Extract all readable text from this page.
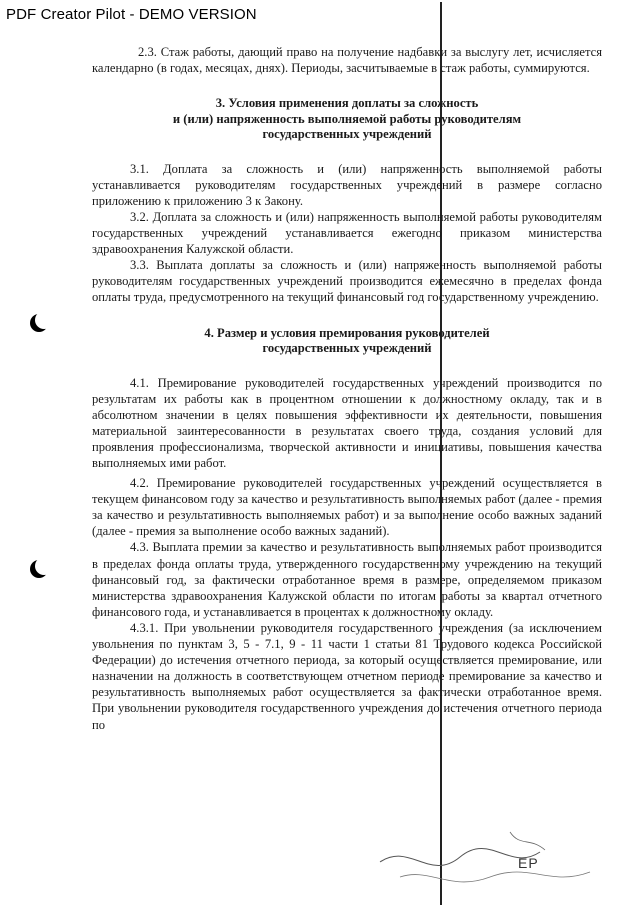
PDF Creator Pilot - DEMO VERSION

2.3. Стаж работы, дающий право на получение надбавки за выслугу лет, исчисляется календарно (в годах, месяцах, днях). Периоды, засчитываемые в стаж работы, суммируются.

3. Условия применения доплаты за сложность
и (или) напряженность выполняемой работы руководителям
государственных учреждений

3.1. Доплата за сложность и (или) напряженность выполняемой работы устанавливается руководителям государственных учреждений в размере согласно приложению к приложению 3 к Закону.

3.2. Доплата за сложность и (или) напряженность выполняемой работы руководителям государственных учреждений устанавливается ежегодно приказом министерства здравоохранения Калужской области.

3.3. Выплата доплаты за сложность и (или) напряженность выполняемой работы руководителям государственных учреждений производится ежемесячно в пределах фонда оплаты труда, предусмотренного на текущий финансовый год государственному учреждению.

4. Размер и условия премирования руководителей
государственных учреждений

4.1. Премирование руководителей государственных учреждений производится по результатам их работы как в процентном отношении к должностному окладу, так и в абсолютном значении в целях повышения эффективности их деятельности, повышения материальной заинтересованности в результатах своего труда, создания условий для проявления профессионализма, творческой активности и инициативы, повышения качества выполняемых ими работ.

4.2. Премирование руководителей государственных учреждений осуществляется в текущем финансовом году за качество и результативность выполняемых работ (далее - премия за качество и результативность выполняемых работ) и за выполнение особо важных заданий (далее - премия за выполнение особо важных заданий).

4.3. Выплата премии за качество и результативность выполняемых работ производится в пределах фонда оплаты труда, утвержденного государственному учреждению на текущий финансовый год, за фактически отработанное время в размере, определяемом приказом министерства здравоохранения Калужской области по итогам работы за квартал отчетного финансового года, и устанавливается в процентах к должностному окладу.

4.3.1. При увольнении руководителя государственного учреждения (за исключением увольнения по пунктам 3, 5 - 7.1, 9 - 11 части 1 статьи 81 Трудового кодекса Российской Федерации) до истечения отчетного периода, за который осуществляется премирование, или назначении на должность в соответствующем отчетном периоде премирование за качество и результативность выполняемых работ осуществляется за фактически отработанное время. При увольнении руководителя государственного учреждения до истечения отчетного периода по

ЕР
